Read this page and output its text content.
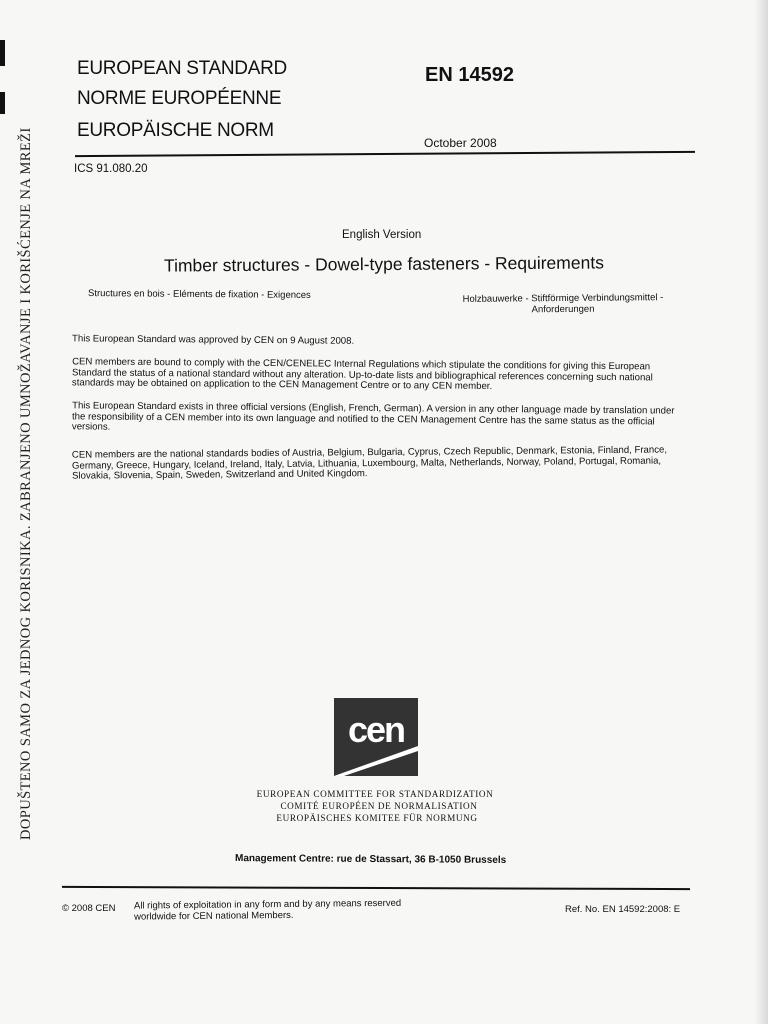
DOPUŠTENO SAMO ZA JEDNOG KORISNIKA. ZABRANJENO UMNOŽAVANJE I KORIŠĆENJE NA MREŽI
EUROPEAN STANDARD
NORME EUROPÉENNE
EUROPÄISCHE NORM
EN 14592
October 2008
ICS 91.080.20
English Version
Timber structures - Dowel-type fasteners - Requirements
Structures en bois - Eléments de fixation - Exigences	Holzbauwerke - Stiftförmige Verbindungsmittel - Anforderungen
This European Standard was approved by CEN on 9 August 2008.
CEN members are bound to comply with the CEN/CENELEC Internal Regulations which stipulate the conditions for giving this European Standard the status of a national standard without any alteration. Up-to-date lists and bibliographical references concerning such national standards may be obtained on application to the CEN Management Centre or to any CEN member.
This European Standard exists in three official versions (English, French, German). A version in any other language made by translation under the responsibility of a CEN member into its own language and notified to the CEN Management Centre has the same status as the official versions.
CEN members are the national standards bodies of Austria, Belgium, Bulgaria, Cyprus, Czech Republic, Denmark, Estonia, Finland, France, Germany, Greece, Hungary, Iceland, Ireland, Italy, Latvia, Lithuania, Luxembourg, Malta, Netherlands, Norway, Poland, Portugal, Romania, Slovakia, Slovenia, Spain, Sweden, Switzerland and United Kingdom.
cen
EUROPEAN COMMITTEE FOR STANDARDIZATION
COMITÉ EUROPÉEN DE NORMALISATION
EUROPÄISCHES KOMITEE FÜR NORMUNG
Management Centre: rue de Stassart, 36 B-1050 Brussels
© 2008 CEN All rights of exploitation in any form and by any means reserved worldwide for CEN national Members.
Ref. No. EN 14592:2008: E
